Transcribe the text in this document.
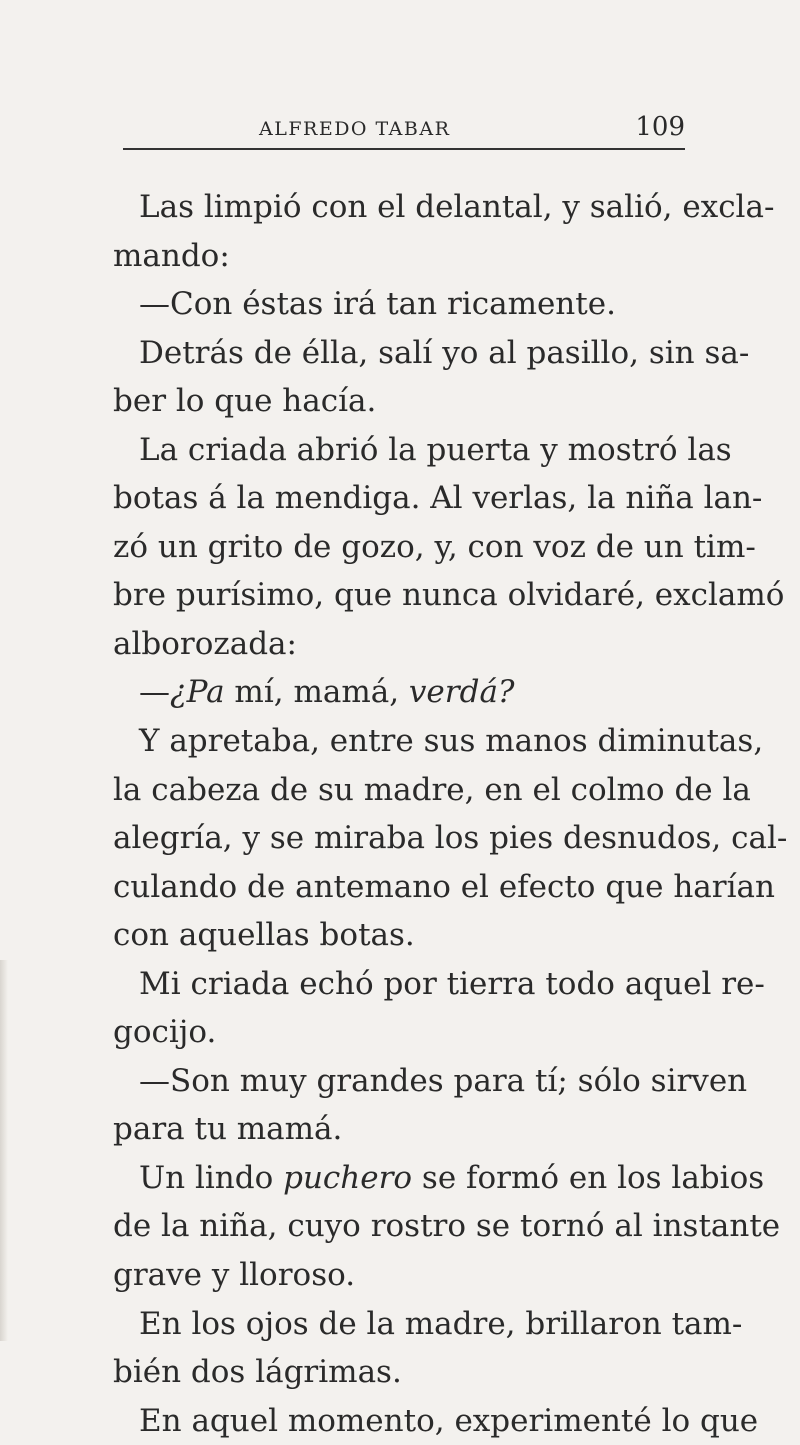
ALFREDO TABAR	109
Las limpió con el delantal, y salió, excla-
mando:
—Con éstas irá tan ricamente.
Detrás de élla, salí yo al pasillo, sin sa-
ber lo que hacía.
La criada abrió la puerta y mostró las
botas á la mendiga. Al verlas, la niña lan-
zó un grito de gozo, y, con voz de un tim-
bre purísimo, que nunca olvidaré, exclamó
alborozada:
—¿Pa mí, mamá, verdá?
Y apretaba, entre sus manos diminutas,
la cabeza de su madre, en el colmo de la
alegría, y se miraba los pies desnudos, cal-
culando de antemano el efecto que harían
con aquellas botas.
Mi criada echó por tierra todo aquel re-
gocijo.
—Son muy grandes para tí; sólo sirven
para tu mamá.
Un lindo puchero se formó en los labios
de la niña, cuyo rostro se tornó al instante
grave y lloroso.
En los ojos de la madre, brillaron tam-
bién dos lágrimas.
En aquel momento, experimenté lo que
